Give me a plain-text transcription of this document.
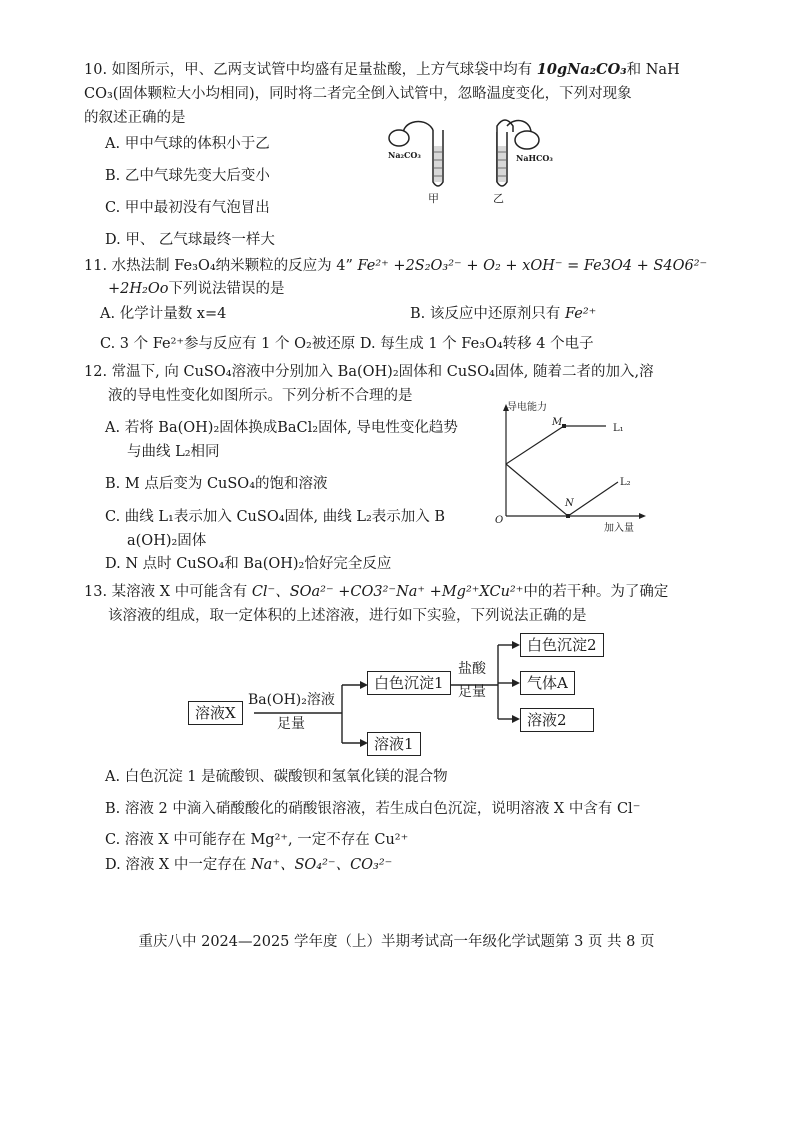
10. 如图所示，甲、乙两支试管中均盛有足量盐酸，上方气球袋中均有 10gNa₂CO₃和 NaH
CO₃(固体颗粒大小均相同)，同时将二者完全倒入试管中，忽略温度变化，下列对现象
的叙述正确的是
A. 甲中气球的体积小于乙
B. 乙中气球先变大后变小
C. 甲中最初没有气泡冒出
D. 甲、 乙气球最终一样大
Na₂CO₃	NaHCO₃
甲	乙
11. 水热法制 Fe₃O₄纳米颗粒的反应为 4” Fe²⁺ +2S₂O₃²⁻ + O₂ + xOH⁻ = Fe3O4 + S4O6²⁻
+2H₂Oo下列说法错误的是
A. 化学计量数 x=4	B. 该反应中还原剂只有 Fe²⁺
C. 3 个 Fe²⁺参与反应有 1 个 O₂被还原 D. 每生成 1 个 Fe₃O₄转移 4 个电子
12. 常温下, 向 CuSO₄溶液中分别加入 Ba(OH)₂固体和 CuSO₄固体, 随着二者的加入,溶
液的导电性变化如图所示。下列分析不合理的是
A. 若将 Ba(OH)₂固体换成BaCl₂固体, 导电性变化趋势
与曲线 L₂相同
B. M 点后变为 CuSO₄的饱和溶液
C. 曲线 L₁表示加入 CuSO₄固体, 曲线 L₂表示加入 B
a(OH)₂固体
D. N 点时 CuSO₄和 Ba(OH)₂恰好完全反应
导电能力
加入量
O
M
N
L₁
L₂
13. 某溶液 X 中可能含有 Cl⁻、SOa²⁻ +CO3²⁻Na⁺ +Mg²⁺XCu²⁺中的若干种。为了确定
该溶液的组成，取一定体积的上述溶液，进行如下实验，下列说法正确的是
溶液X
Ba(OH)₂溶液
足量
白色沉淀1
溶液1
盐酸
足量
白色沉淀2
气体A
溶液2
A. 白色沉淀 1 是硫酸钡、碳酸钡和氢氧化镁的混合物
B. 溶液 2 中滴入硝酸酸化的硝酸银溶液，若生成白色沉淀，说明溶液 X 中含有 Cl⁻
C. 溶液 X 中可能存在 Mg²⁺, 一定不存在 Cu²⁺
D. 溶液 X 中一定存在 Na⁺、SO₄²⁻、CO₃²⁻
重庆八中 2024—2025 学年度（上）半期考试高一年级化学试题第 3 页 共 8 页
